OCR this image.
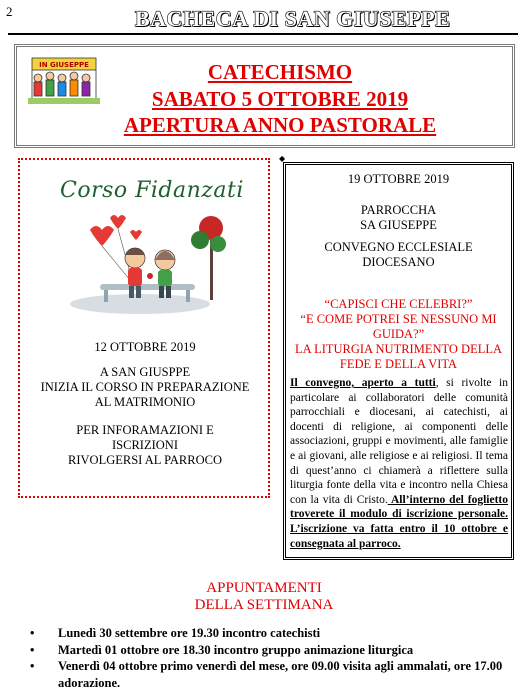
2	BACHECA DI SAN GIUSEPPE
IN GIUSEPPE	CATECHISMO
SABATO 5 OTTOBRE 2019
APERTURA ANNO PASTORALE
Corso Fidanzati
12 OTTOBRE 2019
A SAN GIUSPPE
INIZIA IL CORSO IN PREPARAZIONE
AL MATRIMONIO
PER INFORAMAZIONI E
ISCRIZIONI
RIVOLGERSI AL PARROCO
◆
19 OTTOBRE 2019
PARROCCHA
SA GIUSEPPE
CONVEGNO ECCLESIALE
DIOCESANO
“CAPISCI CHE CELEBRI?”
“E COME POTREI SE NESSUNO MI
GUIDA?”
LA LITURGIA NUTRIMENTO DELLA
FEDE E DELLA VITA
Il convegno, aperto a tutti, si rivolte in particolare ai collaboratori delle comunità parrocchiali e diocesani, ai catechisti, ai docenti di religione, ai componenti delle associazioni, gruppi e movimenti, alle famiglie e ai giovani, alle religiose e ai religiosi. Il tema di quest’anno ci chiamerà a riflettere sulla liturgia fonte della vita e incontro nella Chiesa con la vita di Cristo. All’interno del foglietto troverete il modulo di iscrizione personale. L’iscrizione va fatta entro il 10 ottobre e consegnata al parroco.
APPUNTAMENTI
DELLA SETTIMANA
• Lunedì 30 settembre ore 19.30 incontro catechisti
• Martedì 01 ottobre ore 18.30 incontro gruppo animazione liturgica
• Venerdì 04 ottobre primo venerdì del mese, ore 09.00 visita agli ammalati, ore 17.00 adorazione.
